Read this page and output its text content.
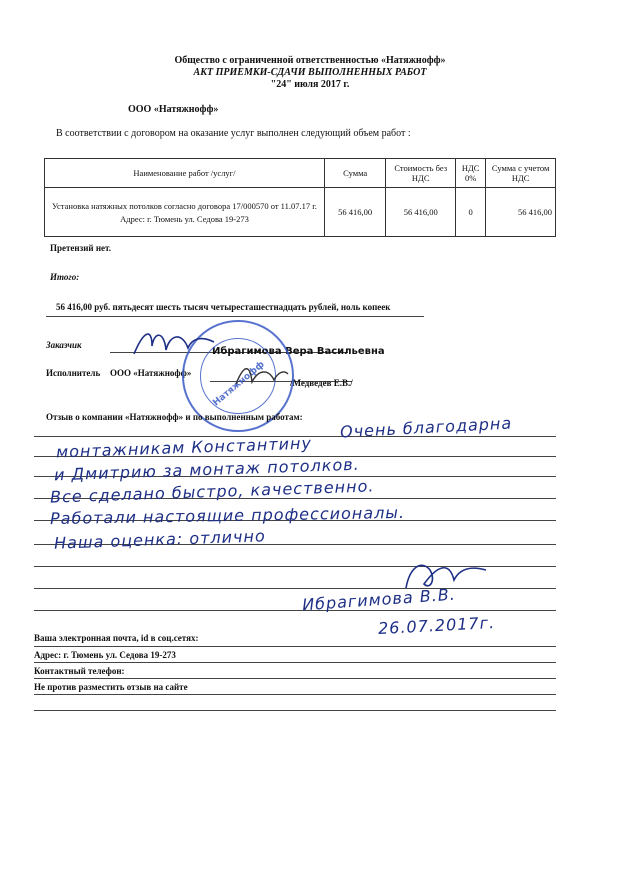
Общество с ограниченной ответственностью «Натяжнофф»
АКТ ПРИЕМКИ-СДАЧИ ВЫПОЛНЕННЫХ РАБОТ
"24" июля 2017 г.
ООО «Натяжнофф»
В соответствии с договором на оказание услуг выполнен следующий объем работ :
Наименование работ /услуг/	Сумма	Стоимость без НДС	НДС 0%	Сумма с учетом НДС

Установка натяжных потолков согласно договора 17/000570 от 11.07.17 г.
Адрес: г. Тюмень ул. Седова 19-273	56 416,00	56 416,00	0	56 416,00
Претензий нет.
Итого:
56 416,00 руб. пятьдесят шесть тысяч четыресташестнадцать рублей, ноль копеек
Заказчик
Ибрагимова Вера Васильевна
Исполнитель ООО «Натяжнофф»
/Медведев Е.В./
Натяжнофф
Отзыв о компании «Натяжнофф» и по выполненным работам: Очень благодарна
монтажникам Константину
и Дмитрию за монтаж потолков.
Все сделано быстро, качественно.
Работали настоящие профессионалы.
Наша оценка: отлично
Ибрагимова В.В.
26.07.2017г.
Ваша электронная почта, id в соц.сетях:
Адрес: г. Тюмень ул. Седова 19-273
Контактный телефон:
Не против разместить отзыв на сайте
